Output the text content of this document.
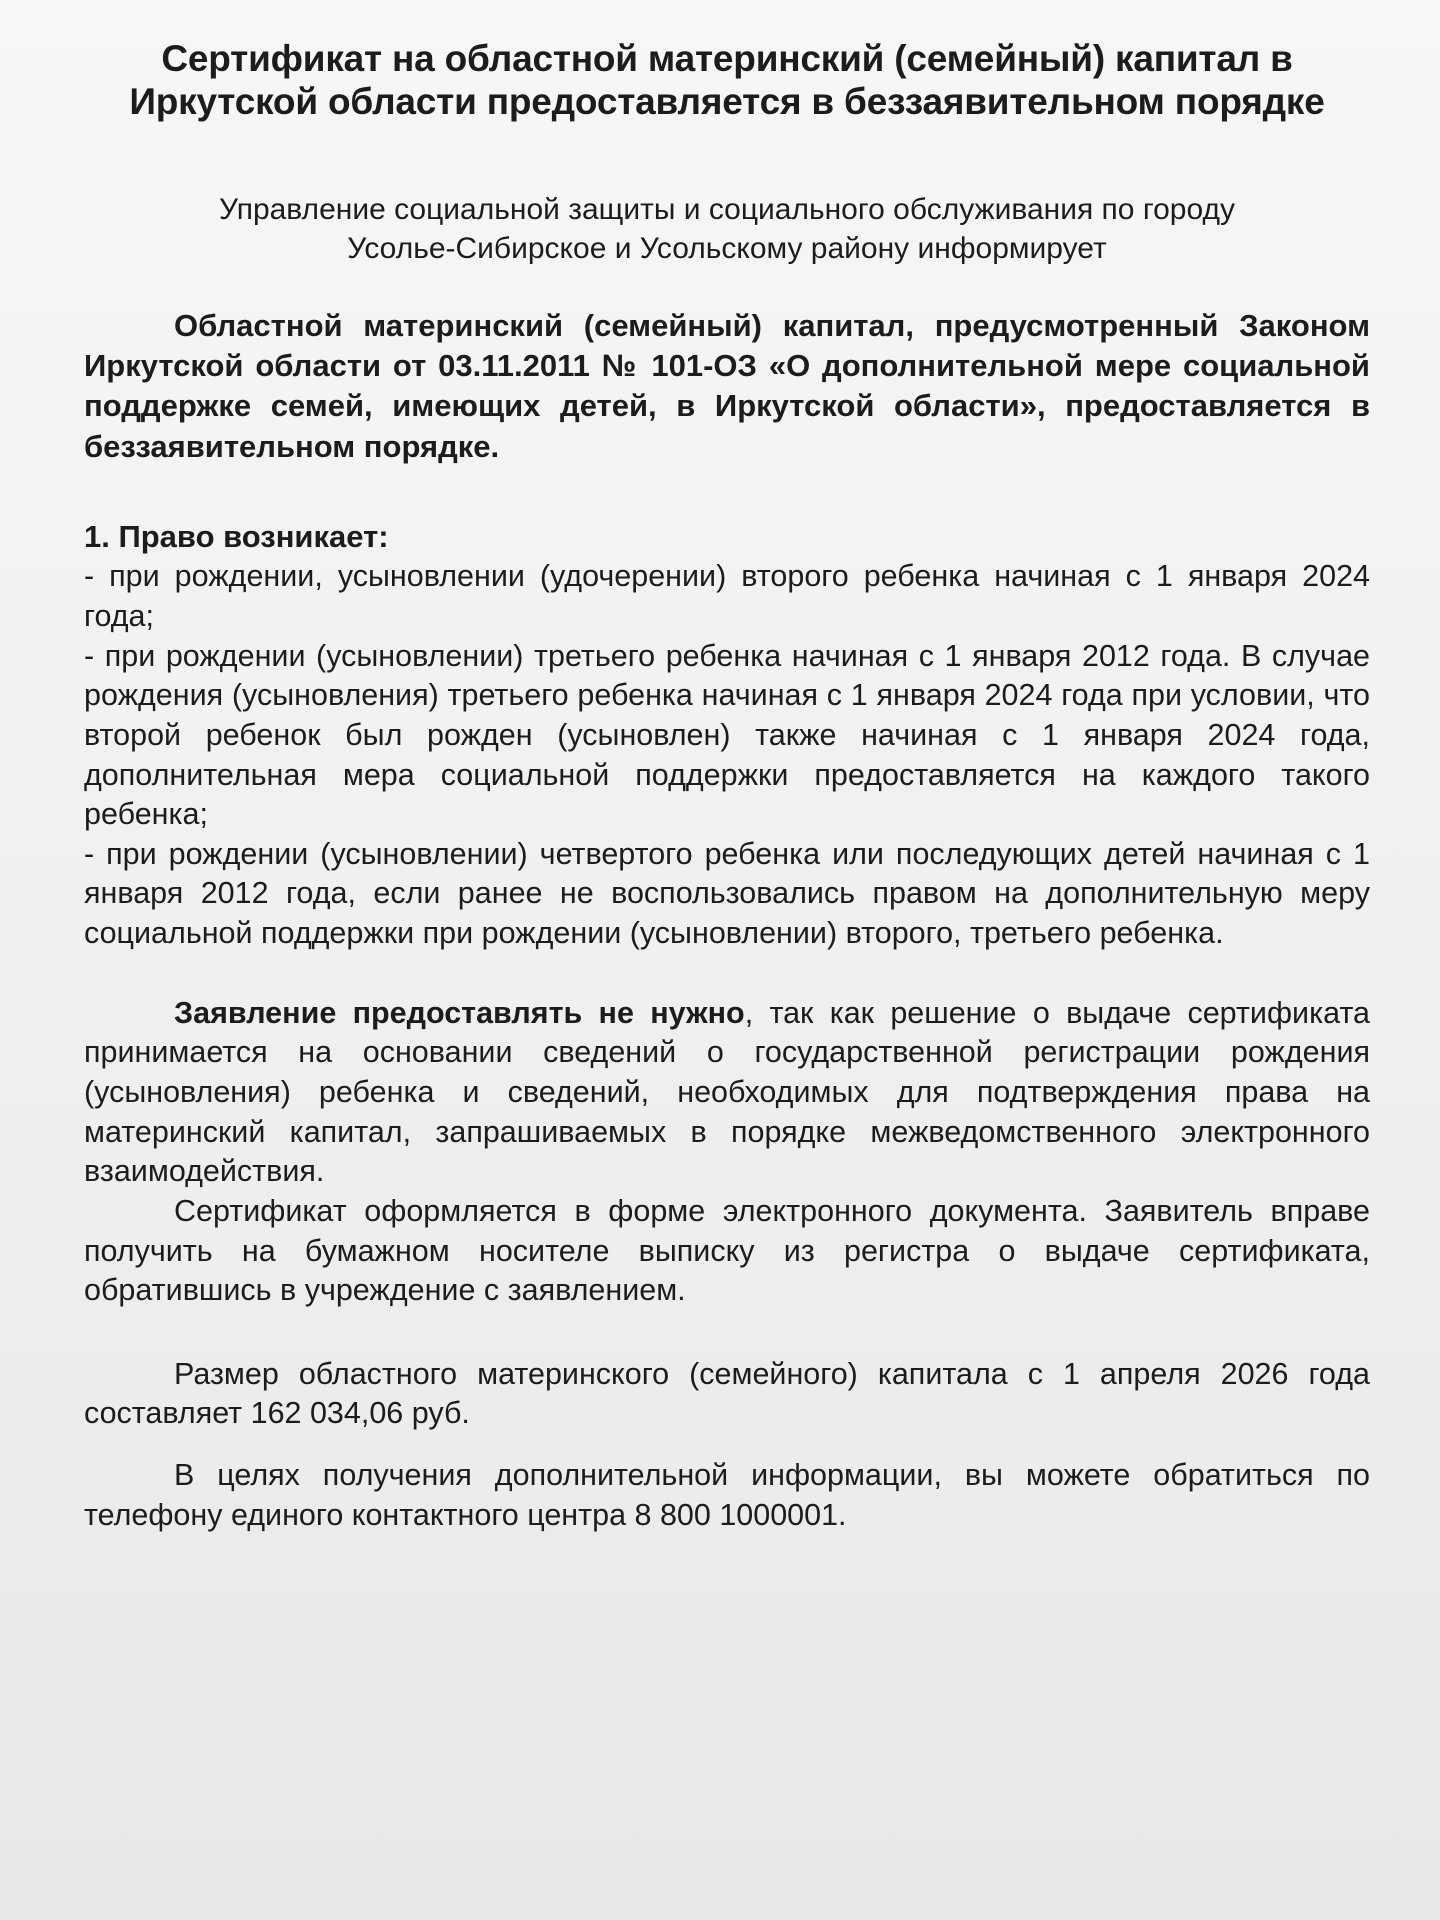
Сертификат на областной материнский (семейный) капитал в Иркутской области предоставляется в беззаявительном порядке
Управление социальной защиты и социального обслуживания по городу
Усолье-Сибирское и Усольскому району информирует

Областной материнский (семейный) капитал, предусмотренный Законом Иркутской области от 03.11.2011 № 101-ОЗ «О дополнительной мере социальной поддержке семей, имеющих детей, в Иркутской области», предоставляется в беззаявительном порядке.

1. Право возникает:

- при рождении, усыновлении (удочерении) второго ребенка начиная с 1 января 2024 года;

- при рождении (усыновлении) третьего ребенка начиная с 1 января 2012 года. В случае рождения (усыновления) третьего ребенка начиная с 1 января 2024 года при условии, что второй ребенок был рожден (усыновлен) также начиная с 1 января 2024 года, дополнительная мера социальной поддержки предоставляется на каждого такого ребенка;

- при рождении (усыновлении) четвертого ребенка или последующих детей начиная с 1 января 2012 года, если ранее не воспользовались правом на дополнительную меру социальной поддержки при рождении (усыновлении) второго, третьего ребенка.

Заявление предоставлять не нужно, так как решение о выдаче сертификата принимается на основании сведений о государственной регистрации рождения (усыновления) ребенка и сведений, необходимых для подтверждения права на материнский капитал, запрашиваемых в порядке межведомственного электронного взаимодействия.

Сертификат оформляется в форме электронного документа. Заявитель вправе получить на бумажном носителе выписку из регистра о выдаче сертификата, обратившись в учреждение с заявлением.

Размер областного материнского (семейного) капитала с 1 апреля 2026 года составляет 162 034,06 руб.

В целях получения дополнительной информации, вы можете обратиться по телефону единого контактного центра 8 800 1000001.
